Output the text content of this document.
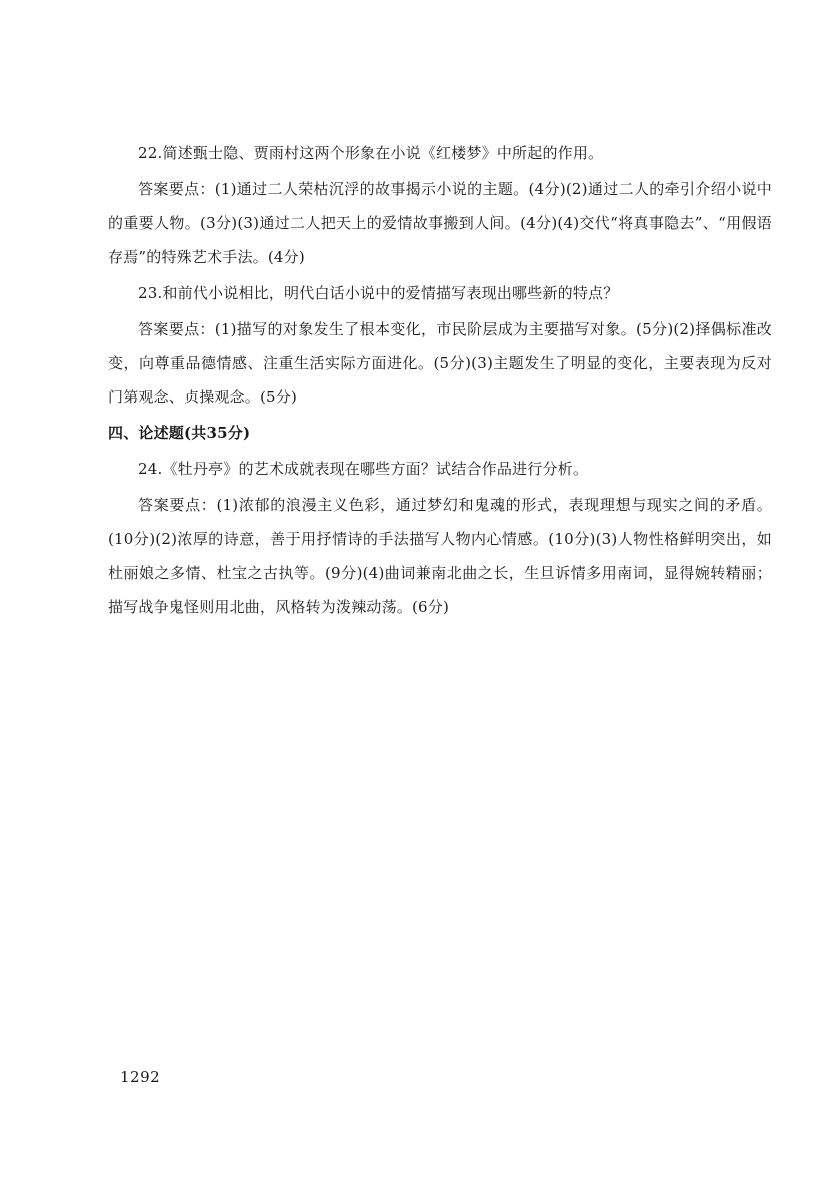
22.简述甄士隐、贾雨村这两个形象在小说《红楼梦》中所起的作用。

答案要点：(1)通过二人荣枯沉浮的故事揭示小说的主题。(4分)(2)通过二人的牵引介绍小说中的重要人物。(3分)(3)通过二人把天上的爱情故事搬到人间。(4分)(4)交代“将真事隐去”、“用假语存焉”的特殊艺术手法。(4分)

23.和前代小说相比，明代白话小说中的爱情描写表现出哪些新的特点？

答案要点：(1)描写的对象发生了根本变化，市民阶层成为主要描写对象。(5分)(2)择偶标准改变，向尊重品德情感、注重生活实际方面进化。(5分)(3)主题发生了明显的变化，主要表现为反对门第观念、贞操观念。(5分)

四、论述题(共35分)

24.《牡丹亭》的艺术成就表现在哪些方面？试结合作品进行分析。

答案要点：(1)浓郁的浪漫主义色彩，通过梦幻和鬼魂的形式，表现理想与现实之间的矛盾。(10分)(2)浓厚的诗意，善于用抒情诗的手法描写人物内心情感。(10分)(3)人物性格鲜明突出，如杜丽娘之多情、杜宝之古执等。(9分)(4)曲词兼南北曲之长，生旦诉情多用南词，显得婉转精丽；描写战争鬼怪则用北曲，风格转为泼辣动荡。(6分)

1292
